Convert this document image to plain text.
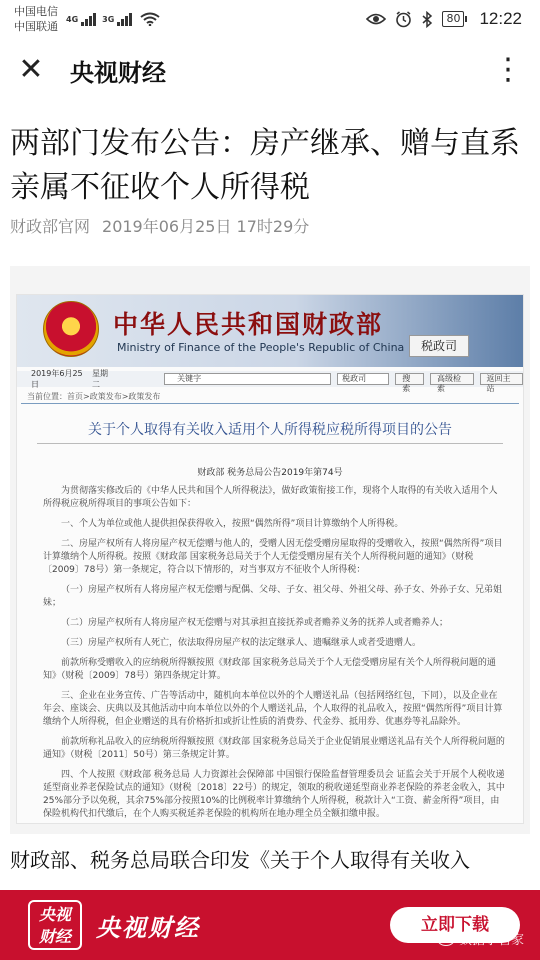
中国电信
中国联通
4G	3G	80 12:22
✕ 央视财经	⋮
两部门发布公告：房产继承、赠与直系亲属不征收个人所得税
财政部官网 2019年06月25日 17时29分
★	中华人民共和国财政部
Ministry of Finance of the People's Republic of China	税政司
2019年6月25日
星期二
关键字	税政司	搜索
高级检索
返回主站
当前位置：首页>政策发布>政策发布
关于个人取得有关收入适用个人所得税应税所得项目的公告
财政部 税务总局公告2019年第74号

为贯彻落实修改后的《中华人民共和国个人所得税法》，做好政策衔接工作，现将个人取得的有关收入适用个人所得税应税所得项目的事项公告如下：

一、个人为单位或他人提供担保获得收入，按照“偶然所得”项目计算缴纳个人所得税。

二、房屋产权所有人将房屋产权无偿赠与他人的，受赠人因无偿受赠房屋取得的受赠收入，按照“偶然所得”项目计算缴纳个人所得税。按照《财政部 国家税务总局关于个人无偿受赠房屋有关个人所得税问题的通知》（财税〔2009〕78号）第一条规定，符合以下情形的，对当事双方不征收个人所得税：

（一）房屋产权所有人将房屋产权无偿赠与配偶、父母、子女、祖父母、外祖父母、孙子女、外孙子女、兄弟姐妹；

（二）房屋产权所有人将房屋产权无偿赠与对其承担直接抚养或者赡养义务的抚养人或者赡养人；

（三）房屋产权所有人死亡，依法取得房屋产权的法定继承人、遗嘱继承人或者受遗赠人。

前款所称受赠收入的应纳税所得额按照《财政部 国家税务总局关于个人无偿受赠房屋有关个人所得税问题的通知》（财税〔2009〕78号）第四条规定计算。

三、企业在业务宣传、广告等活动中，随机向本单位以外的个人赠送礼品（包括网络红包，下同），以及企业在年会、座谈会、庆典以及其他活动中向本单位以外的个人赠送礼品，个人取得的礼品收入，按照“偶然所得”项目计算缴纳个人所得税，但企业赠送的具有价格折扣或折让性质的消费券、代金券、抵用券、优惠券等礼品除外。

前款所称礼品收入的应纳税所得额按照《财政部 国家税务总局关于企业促销展业赠送礼品有关个人所得税问题的通知》（财税〔2011〕50号）第三条规定计算。

四、个人按照《财政部 税务总局 人力资源社会保障部 中国银行保险监督管理委员会 证监会关于开展个人税收递延型商业养老保险试点的通知》（财税〔2018〕22号）的规定，领取的税收递延型商业养老保险的养老金收入，其中25%部分予以免税，其余75%部分按照10%的比例税率计算缴纳个人所得税，税款计入“工资、薪金所得”项目，由保险机构代扣代缴后，在个人购买税延养老保险的机构所在地办理全员全额扣缴申报。

财政部、税务总局联合印发《关于个人取得有关收入

央视
财经	央视财经	立即下载
数据小管家
